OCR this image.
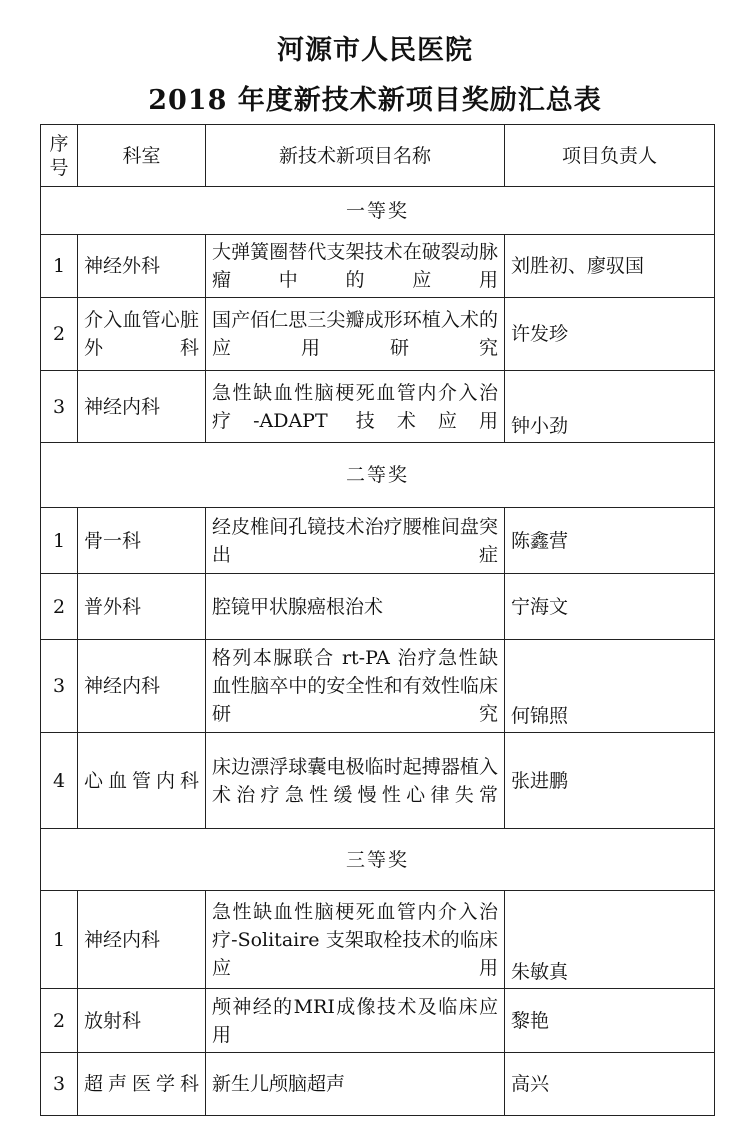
河源市人民医院
2018 年度新技术新项目奖励汇总表
序号	科室	新技术新项目名称	项目负责人
一等奖			
1	神经外科	大弹簧圈替代支架技术在破裂动脉瘤中的应用	刘胜初、廖驭国
2	介入血管心脏外科	国产佰仁思三尖瓣成形环植入术的应用研究	许发珍
3	神经内科	急性缺血性脑梗死血管内介入治疗-ADAPT 技术应用	钟小劲
二等奖			
1	骨一科	经皮椎间孔镜技术治疗腰椎间盘突出症	陈鑫营
2	普外科	腔镜甲状腺癌根治术	宁海文
3	神经内科	格列本脲联合 rt-PA 治疗急性缺血性脑卒中的安全性和有效性临床研究	何锦照
4	心血管内科	床边漂浮球囊电极临时起搏器植入术治疗急性缓慢性心律失常	张进鹏
三等奖			
1	神经内科	急性缺血性脑梗死血管内介入治疗-Solitaire 支架取栓技术的临床应用	朱敏真
2	放射科	颅神经的MRI成像技术及临床应用	黎艳
3	超声医学科	新生儿颅脑超声	高兴
